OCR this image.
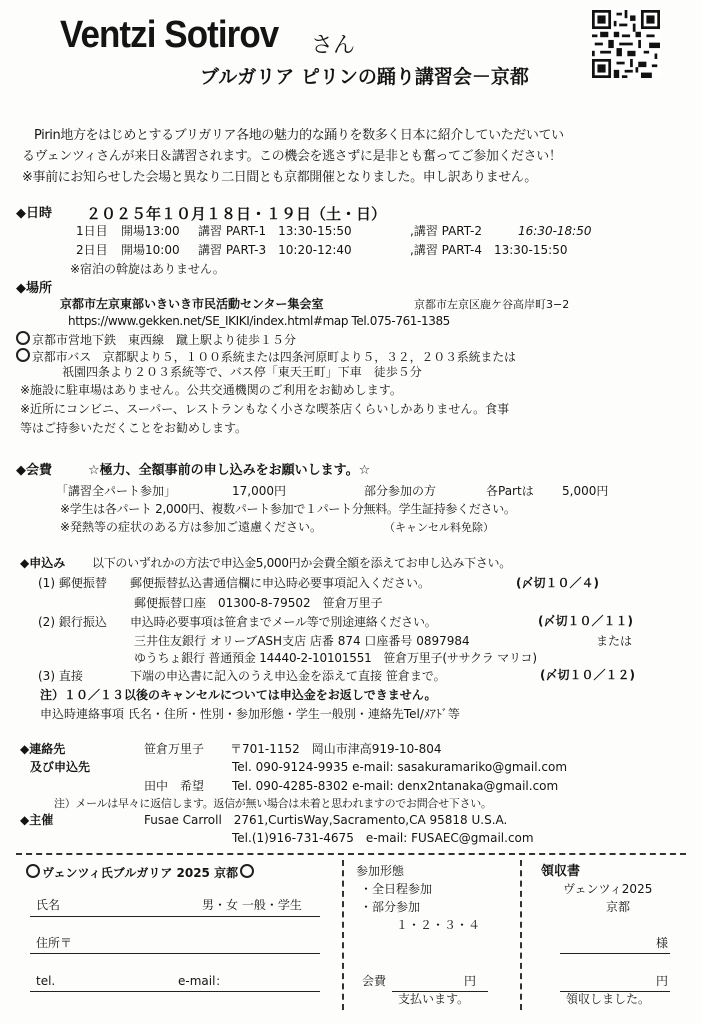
Ventzi Sotirov さん
ブルガリア ピリンの踊り講習会－京都
Pirin地方をはじめとするブリガリア各地の魅力的な踊りを数多く日本に紹介していただいてい
るヴェンツィさんが来日＆講習されます。この機会を逃さずに是非とも奮ってご参加ください！
※事前にお知らせした会場と異なり二日間とも京都開催となりました。申し訳ありません。
◆日時 ２０２５年１０月１８日・１９日（土・日）
1日目 開場13:00 講習 PART-1　13:30-15:50	,講習 PART-2	16:30-18:50
2日目 開場10:00 講習 PART-3　10:20-12:40	,講習 PART-4　13:30-15:50
※宿泊の斡旋はありません。
◆場所
京都市左京東部いきいき市民活動センター集会室	京都市左京区鹿ケ谷高岸町3−2
https://www.gekken.net/SE_IKIKI/index.html#map Tel.075-761-1385
京都市営地下鉄　東西線　蹴上駅より徒歩１５分
京都市バス　京都駅より５，１００系統または四条河原町より５，３２，２０３系統または
祇園四条より２０３系統等で、バス停「東天王町」下車　徒歩５分
※施設に駐車場はありません。公共交通機関のご利用をお勧めします。
※近所にコンビニ、スーパー、レストランもなく小さな喫茶店くらいしかありません。食事
等はご持参いただくことをお勧めします。
◆会費	☆極力、全額事前の申し込みをお願いします。☆
「講習全パート参加」	17,000円	部分参加の方	各Partは 5,000円
※学生は各パート 2,000円、複数パート参加で１パート分無料。学生証持参ください。
※発熱等の症状のある方は参加ご遠慮ください。	（キャンセル料免除）
◆申込み 以下のいずれかの方法で申込金5,000円か会費全額を添えてお申し込み下さい。
(1) 郵便振替 郵便振替払込書通信欄に申込時必要事項記入ください。	(〆切１０／４)
郵便振替口座　01300-8-79502　笹倉万里子
(2) 銀行振込 申込時必要事項は笹倉までメール等で別途連絡ください。	(〆切１０／１１)
三井住友銀行 オリーブASH支店 店番 874 口座番号 0897984	または
ゆうちょ銀行 普通預金 14440-2-10101551　笹倉万里子(ササクラ マリコ)
(3) 直接	下端の申込書に記入のうえ申込金を添えて直接 笹倉まで。	(〆切１０／１２)
注）１０／１３以後のキャンセルについては申込金をお返しできません。
申込時連絡事項 氏名・住所・性別・参加形態・学生一般別・連絡先Tel/ﾒｱﾄﾞ等
◆連絡先
及び申込先
笹倉万里子 〒701-1152　岡山市津高919-10-804
Tel. 090-9124-9935 e-mail: sasakuramariko@gmail.com
田中　希望 Tel. 090-4285-8302 e-mail: denx2ntanaka@gmail.com
注）メールは早々に返信します。返信が無い場合は未着と思われますのでお問合せ下さい。
◆主催	Fusae Carroll　2761,CurtisWay,Sacramento,CA 95818 U.S.A.
Tel.(1)916-731-4675　e-mail: FUSAEC@gmail.com
ヴェンツィ氏ブルガリア 2025 京都
氏名	男・女 一般・学生
住所〒
tel.	e-mail：
参加形態
・全日程参加
・部分参加
１・２・３・４
会費	円
支払います。
領収書
ヴェンツィ2025
京都
様
円
領収しました。
